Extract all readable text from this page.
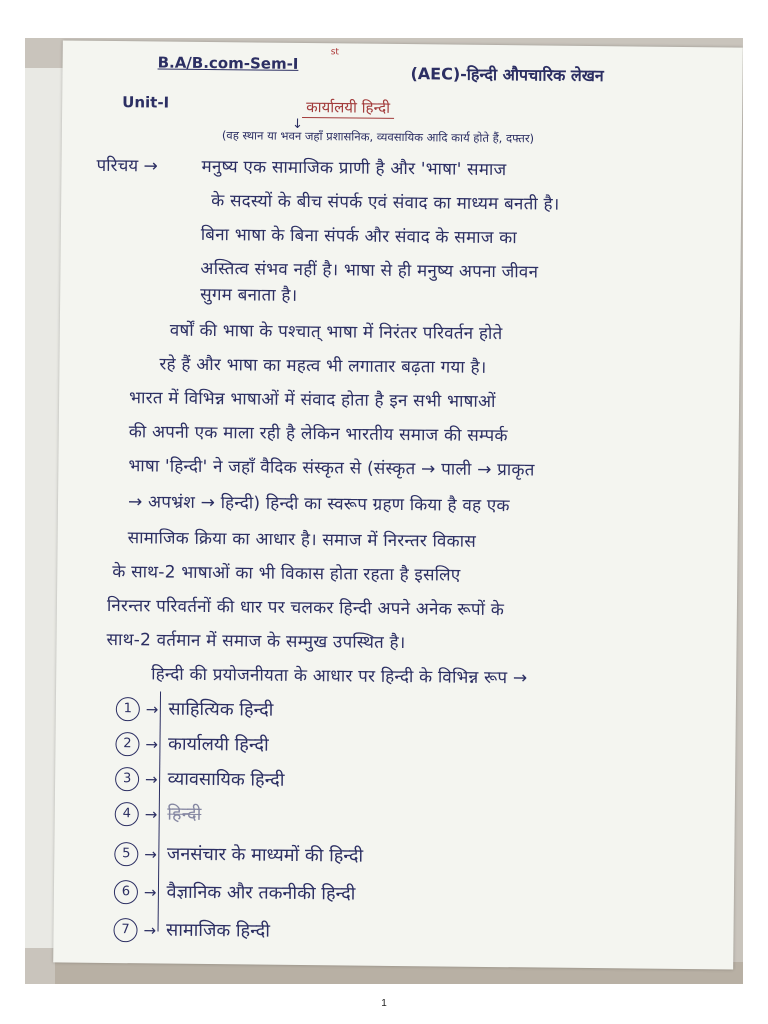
B.A/B.com-Sem-I
st
(AEC)-हिन्दी औपचारिक लेखन
Unit-I	कार्यालयी हिन्दी
↓
(वह स्थान या भवन जहाँ प्रशासनिक, व्यवसायिक आदि कार्य होते हैं, दफ्तर)
परिचय →	मनुष्य एक सामाजिक प्राणी है और 'भाषा' समाज
के सदस्यों के बीच संपर्क एवं संवाद का माध्यम बनती है।
बिना भाषा के बिना संपर्क और संवाद के समाज का
अस्तित्व संभव नहीं है। भाषा से ही मनुष्य अपना जीवन
सुगम बनाता है।
वर्षों की भाषा के पश्चात् भाषा में निरंतर परिवर्तन होते
रहे हैं और भाषा का महत्व भी लगातार बढ़ता गया है।
भारत में विभिन्न भाषाओं में संवाद होता है इन सभी भाषाओं
की अपनी एक माला रही है लेकिन भारतीय समाज की सम्पर्क
भाषा 'हिन्दी' ने जहाँ वैदिक संस्कृत से (संस्कृत → पाली → प्राकृत
→ अपभ्रंश → हिन्दी) हिन्दी का स्वरूप ग्रहण किया है वह एक
सामाजिक क्रिया का आधार है। समाज में निरन्तर विकास
के साथ-2 भाषाओं का भी विकास होता रहता है इसलिए
निरन्तर परिवर्तनों की धार पर चलकर हिन्दी अपने अनेक रूपों के
साथ-2 वर्तमान में समाज के सम्मुख उपस्थित है।
हिन्दी की प्रयोजनीयता के आधार पर हिन्दी के विभिन्न रूप →
1 → साहित्यिक हिन्दी
2 → कार्यालयी हिन्दी
3 → व्यावसायिक हिन्दी
4 → हिन्दी
5 → जनसंचार के माध्यमों की हिन्दी
6 → वैज्ञानिक और तकनीकी हिन्दी
7 → सामाजिक हिन्दी
1
